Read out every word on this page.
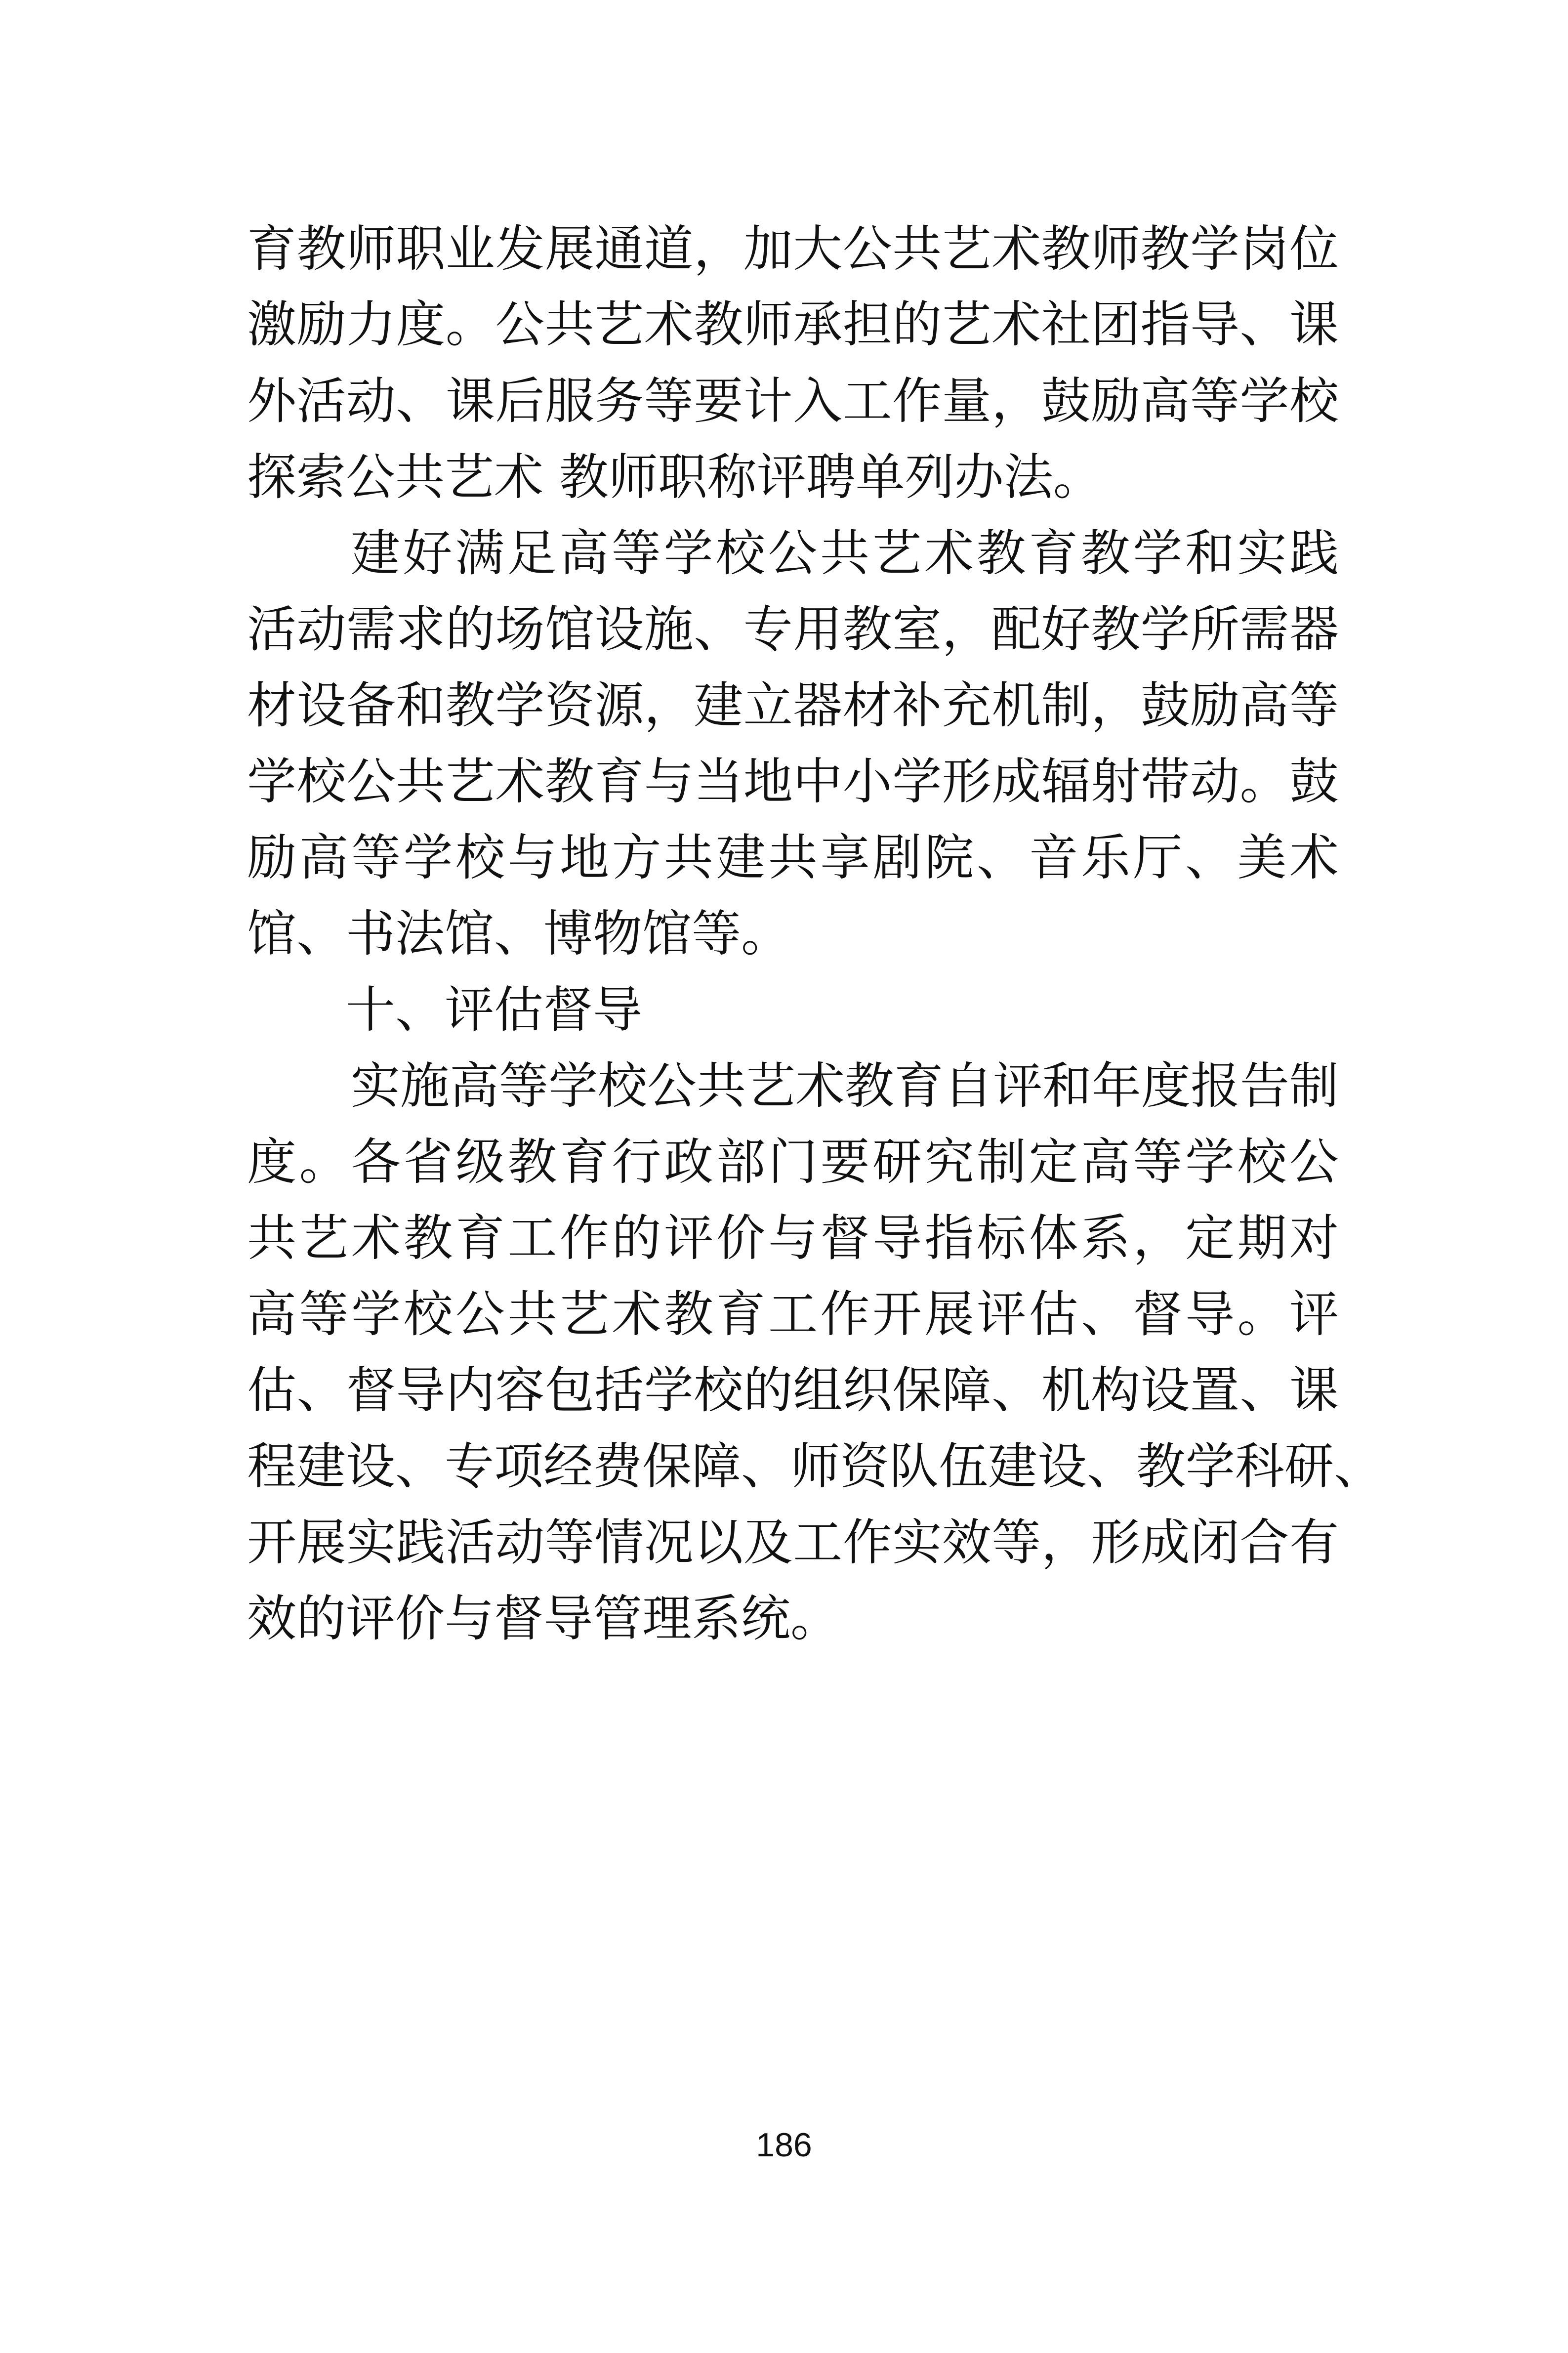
育教师职业发展通道，加大公共艺术教师教学岗位
激励力度。公共艺术教师承担的艺术社团指导、课
外活动、课后服务等要计入工作量，鼓励高等学校
探索公共艺术 教师职称评聘单列办法。
建好满足高等学校公共艺术教育教学和实践
活动需求的场馆设施、专用教室，配好教学所需器
材设备和教学资源，建立器材补充机制，鼓励高等
学校公共艺术教育与当地中小学形成辐射带动。鼓
励高等学校与地方共建共享剧院、音乐厅、美术
馆、书法馆、博物馆等。
十、评估督导
实施高等学校公共艺术教育自评和年度报告制
度。各省级教育行政部门要研究制定高等学校公
共艺术教育工作的评价与督导指标体系，定期对
高等学校公共艺术教育工作开展评估、督导。评
估、督导内容包括学校的组织保障、机构设置、课
程建设、专项经费保障、师资队伍建设、教学科研、
开展实践活动等情况以及工作实效等，形成闭合有
效的评价与督导管理系统。
186
